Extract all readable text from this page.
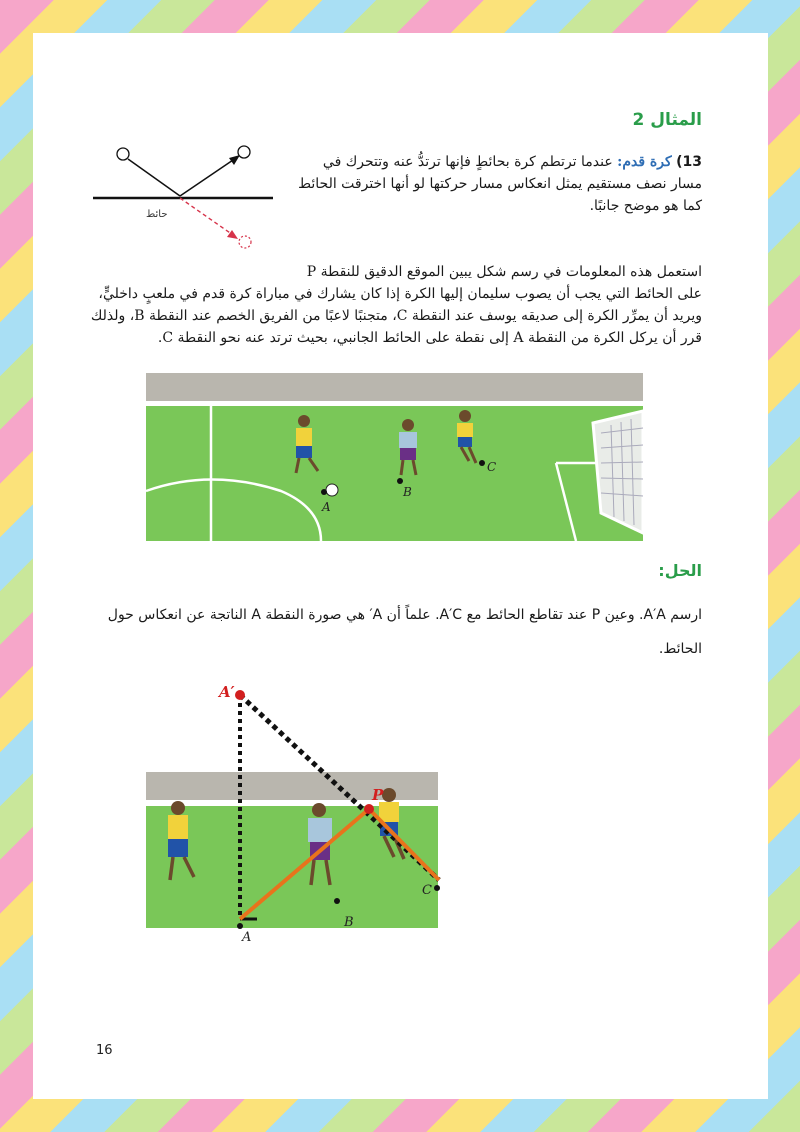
المثال 2
حائط
13) كرة قدم: عندما ترتطم كرة بحائطٍ فإنها ترتدُّ عنه وتتحرك في مسار نصف مستقيم يمثل انعكاس مسار حركتها لو أنها اخترقت الحائط كما هو موضح جانبًا.
استعمل هذه المعلومات في رسم شكل يبين الموقع الدقيق للنقطة P
على الحائط التي يجب أن يصوب سليمان إليها الكرة إذا كان يشارك في مباراة كرة قدم في ملعبٍ داخليٍّ، ويريد أن يمرِّر الكرة إلى صديقه يوسف عند النقطة C، متجنبًا لاعبًا من الفريق الخصم عند النقطة B، ولذلك قرر أن يركل الكرة من النقطة A إلى نقطة على الحائط الجانبي، بحيث ترتد عنه نحو النقطة C.
A
B
C
الحل:
ارسم A′A. وعين P عند تقاطع الحائط مع A′C. علماً أن A′ هي صورة النقطة A الناتجة عن انعكاس حول الحائط.
A′
P
A
B
C
16
